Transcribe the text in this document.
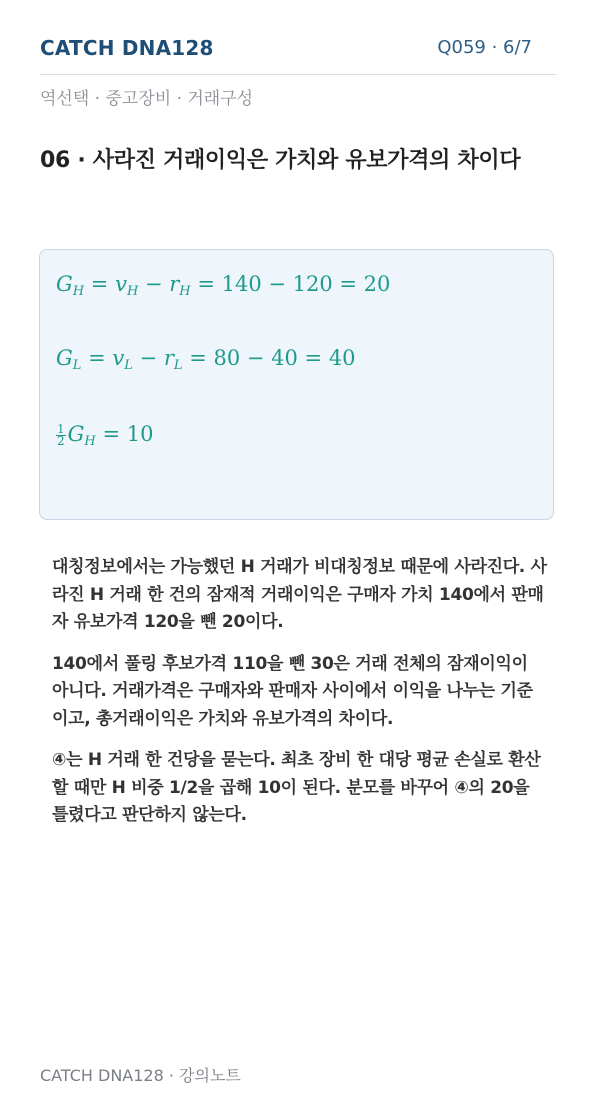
CATCH DNA128	Q059 · 6/7
역선택 · 중고장비 · 거래구성
06 · 사라진 거래이익은 가치와 유보가격의 차이다
$G_H = v_H - r_H = 140 - 120 = 20$
$G_L = v_L - r_L = 80 - 40 = 40$
$\frac{1}{2} G_H = 10$

대칭정보에서는 가능했던 H 거래가 비대칭정보 때문에 사라진다. 사라진 H 거래 한 건의 잠재적 거래이익은 구매자 가치 140에서 판매자 유보가격 120을 뺀 20이다.

140에서 풀링 후보가격 110을 뺀 30은 거래 전체의 잠재이익이 아니다. 거래가격은 구매자와 판매자 사이에서 이익을 나누는 기준이고, 총거래이익은 가치와 유보가격의 차이다.

④는 H 거래 한 건당을 묻는다. 최초 장비 한 대당 평균 손실로 환산할 때만 H 비중 1/2을 곱해 10이 된다. 분모를 바꾸어 ④의 20을 틀렸다고 판단하지 않는다.

CATCH DNA128 · 강의노트
